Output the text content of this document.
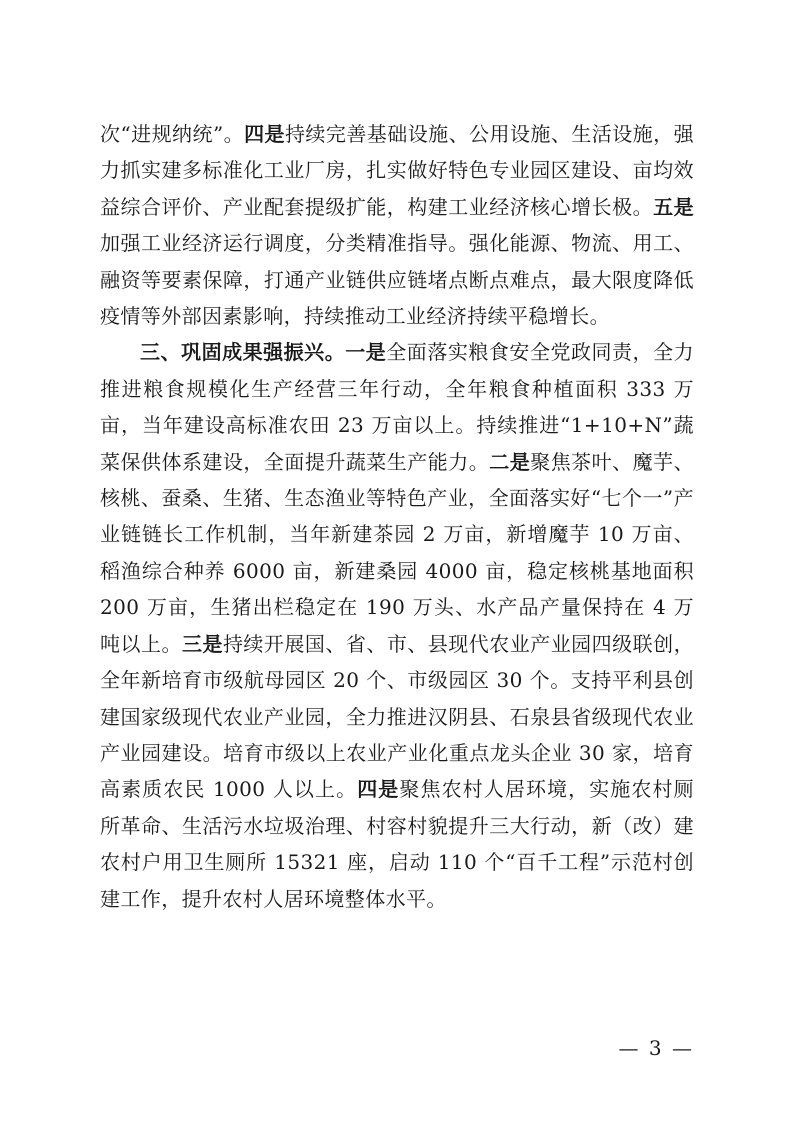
次“进规纳统”。四是持续完善基础设施、公用设施、生活设施，强力抓实建多标准化工业厂房，扎实做好特色专业园区建设、亩均效益综合评价、产业配套提级扩能，构建工业经济核心增长极。五是加强工业经济运行调度，分类精准指导。强化能源、物流、用工、融资等要素保障，打通产业链供应链堵点断点难点，最大限度降低疫情等外部因素影响，持续推动工业经济持续平稳增长。

三、巩固成果强振兴。一是全面落实粮食安全党政同责，全力推进粮食规模化生产经营三年行动，全年粮食种植面积 333 万亩，当年建设高标准农田 23 万亩以上。持续推进“1+10+N”蔬菜保供体系建设，全面提升蔬菜生产能力。二是聚焦茶叶、魔芋、核桃、蚕桑、生猪、生态渔业等特色产业，全面落实好“七个一”产业链链长工作机制，当年新建茶园 2 万亩，新增魔芋 10 万亩、稻渔综合种养 6000 亩，新建桑园 4000 亩，稳定核桃基地面积 200 万亩，生猪出栏稳定在 190 万头、水产品产量保持在 4 万吨以上。三是持续开展国、省、市、县现代农业产业园四级联创，全年新培育市级航母园区 20 个、市级园区 30 个。支持平利县创建国家级现代农业产业园，全力推进汉阴县、石泉县省级现代农业产业园建设。培育市级以上农业产业化重点龙头企业 30 家，培育高素质农民 1000 人以上。四是聚焦农村人居环境，实施农村厕所革命、生活污水垃圾治理、村容村貌提升三大行动，新（改）建农村户用卫生厕所 15321 座，启动 110 个“百千工程”示范村创建工作，提升农村人居环境整体水平。

— 3 —
